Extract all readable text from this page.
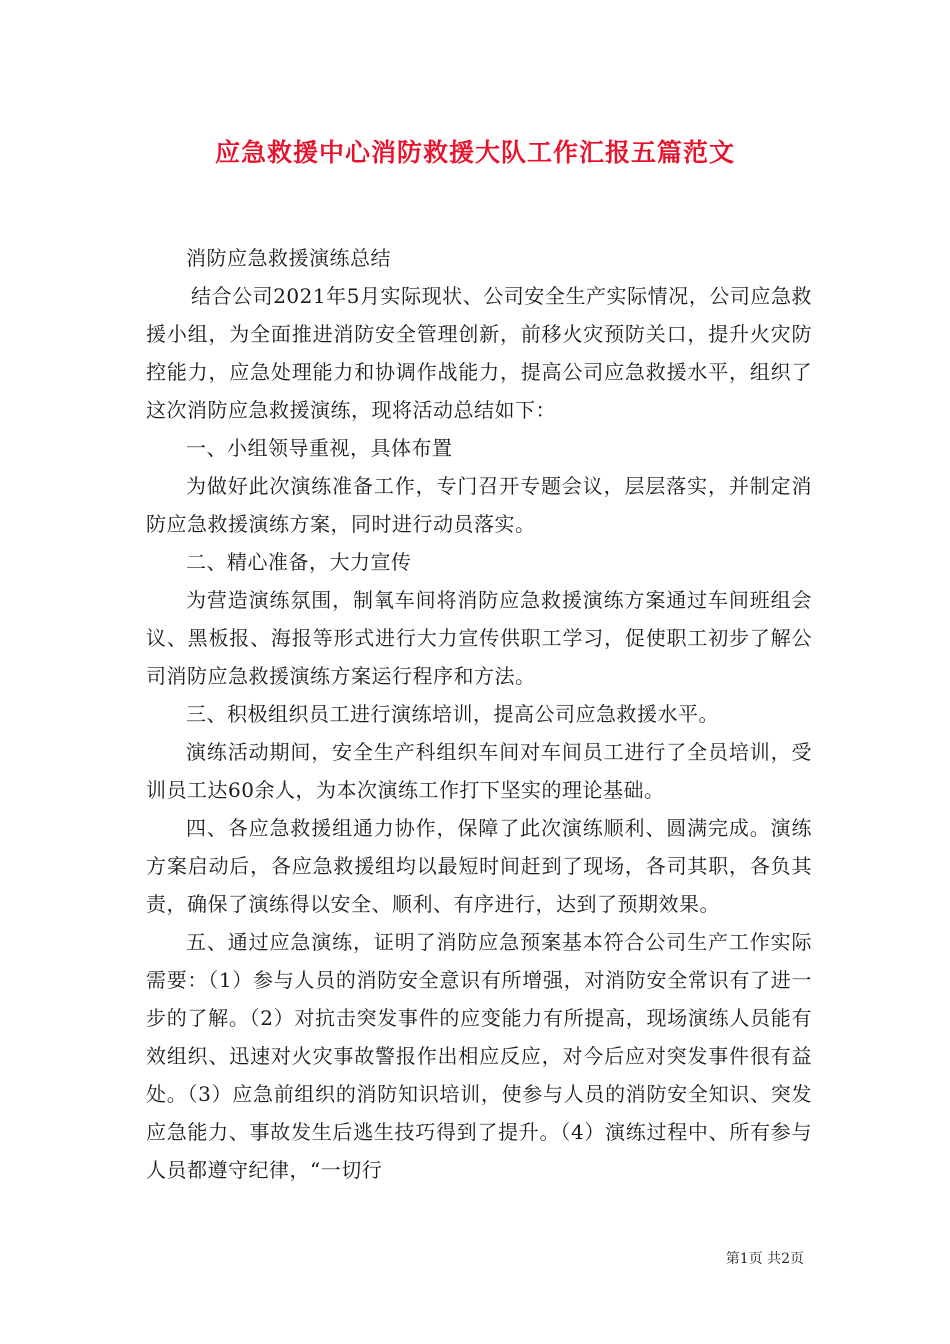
应急救援中心消防救援大队工作汇报五篇范文

消防应急救援演练总结

结合公司2021年5月实际现状、公司安全生产实际情况，公司应急救援小组，为全面推进消防安全管理创新，前移火灾预防关口，提升火灾防控能力，应急处理能力和协调作战能力，提高公司应急救援水平，组织了这次消防应急救援演练，现将活动总结如下：

一、小组领导重视，具体布置

为做好此次演练准备工作，专门召开专题会议，层层落实，并制定消防应急救援演练方案，同时进行动员落实。

二、精心准备，大力宣传

为营造演练氛围，制氧车间将消防应急救援演练方案通过车间班组会议、黑板报、海报等形式进行大力宣传供职工学习，促使职工初步了解公司消防应急救援演练方案运行程序和方法。

三、积极组织员工进行演练培训，提高公司应急救援水平。

演练活动期间，安全生产科组织车间对车间员工进行了全员培训，受训员工达60余人，为本次演练工作打下坚实的理论基础。

四、各应急救援组通力协作，保障了此次演练顺利、圆满完成。演练方案启动后，各应急救援组均以最短时间赶到了现场，各司其职，各负其责，确保了演练得以安全、顺利、有序进行，达到了预期效果。

五、通过应急演练，证明了消防应急预案基本符合公司生产工作实际需要：（1）参与人员的消防安全意识有所增强，对消防安全常识有了进一步的了解。（2）对抗击突发事件的应变能力有所提高，现场演练人员能有效组织、迅速对火灾事故警报作出相应反应，对今后应对突发事件很有益处。（3）应急前组织的消防知识培训，使参与人员的消防安全知识、突发应急能力、事故发生后逃生技巧得到了提升。（4）演练过程中、所有参与人员都遵守纪律，“一切行

第1页 共2页
